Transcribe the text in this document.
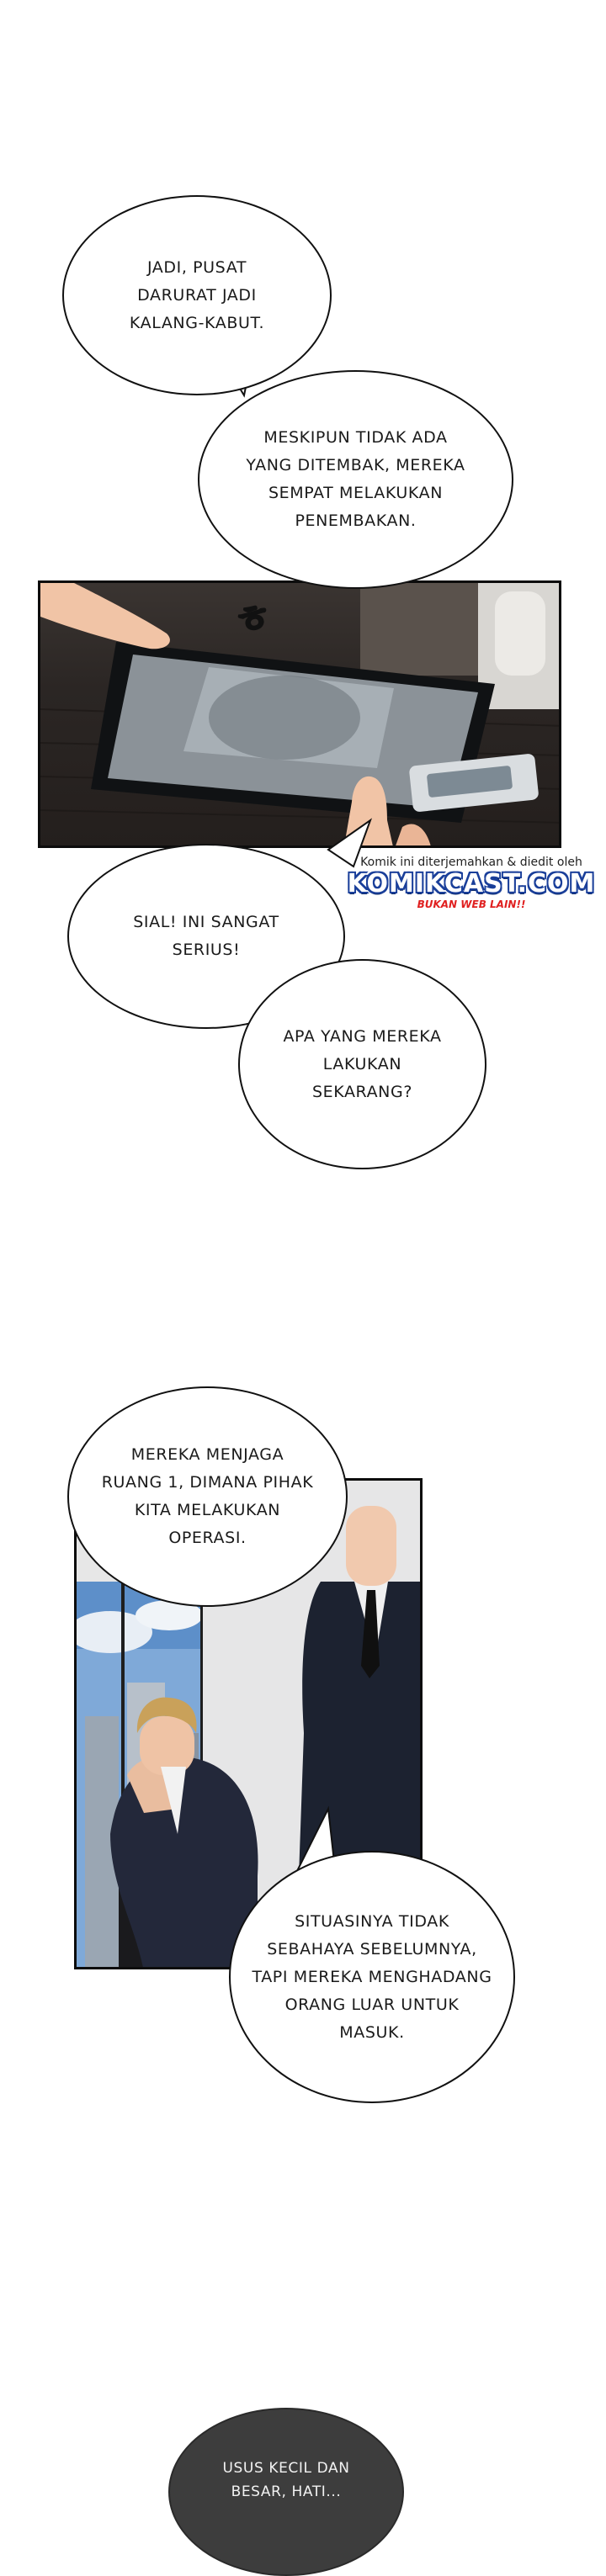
ㅎ
JADI, PUSAT
DARURAT JADI
KALANG-KABUT.
MESKIPUN TIDAK ADA
YANG DITEMBAK, MEREKA
SEMPAT MELAKUKAN
PENEMBAKAN.
SIAL! INI SANGAT
SERIUS!
APA YANG MEREKA
LAKUKAN
SEKARANG?
MEREKA MENJAGA
RUANG 1, DIMANA PIHAK
KITA MELAKUKAN
OPERASI.
SITUASINYA TIDAK
SEBAHAYA SEBELUMNYA,
TAPI MEREKA MENGHADANG
ORANG LUAR UNTUK
MASUK.
USUS KECIL DAN
BESAR, HATI...
Komik ini diterjemahkan & diedit oleh
KOMIKCAST.COM
BUKAN WEB LAIN!!
